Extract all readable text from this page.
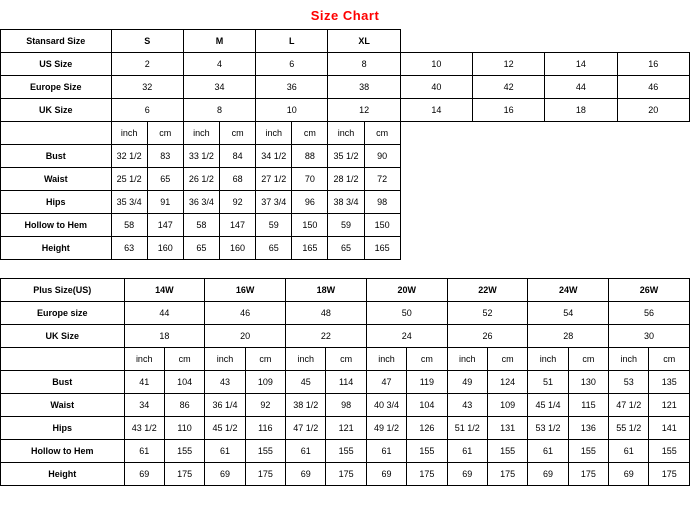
Size Chart
Stansard Size	S		M		L		XL					
US Size	2		4		6		8		10	12	14	16
Europe Size	32		34		36		38		40	42	44	46
UK Size	6		8		10		12		14	16	18	20
	inch	cm	inch	cm	inch	cm	inch	cm				
Bust	32 1/2	83	33 1/2	84	34 1/2	88	35 1/2	90				
Waist	25 1/2	65	26 1/2	68	27 1/2	70	28 1/2	72				
Hips	35 3/4	91	36 3/4	92	37 3/4	96	38 3/4	98				
Hollow to Hem	58	147	58	147	59	150	59	150				
Height	63	160	65	160	65	165	65	165				
Plus Size(US)	14W		16W		18W		20W		22W		24W		26W	
Europe size	44		46		48		50		52		54		56	
UK Size	18		20		22		24		26		28		30	
	inch	cm	inch	cm	inch	cm	inch	cm	inch	cm	inch	cm	inch	cm
Bust	41	104	43	109	45	114	47	119	49	124	51	130	53	135
Waist	34	86	36 1/4	92	38 1/2	98	40 3/4	104	43	109	45 1/4	115	47 1/2	121
Hips	43 1/2	110	45 1/2	116	47 1/2	121	49 1/2	126	51 1/2	131	53 1/2	136	55 1/2	141
Hollow to Hem	61	155	61	155	61	155	61	155	61	155	61	155	61	155
Height	69	175	69	175	69	175	69	175	69	175	69	175	69	175
